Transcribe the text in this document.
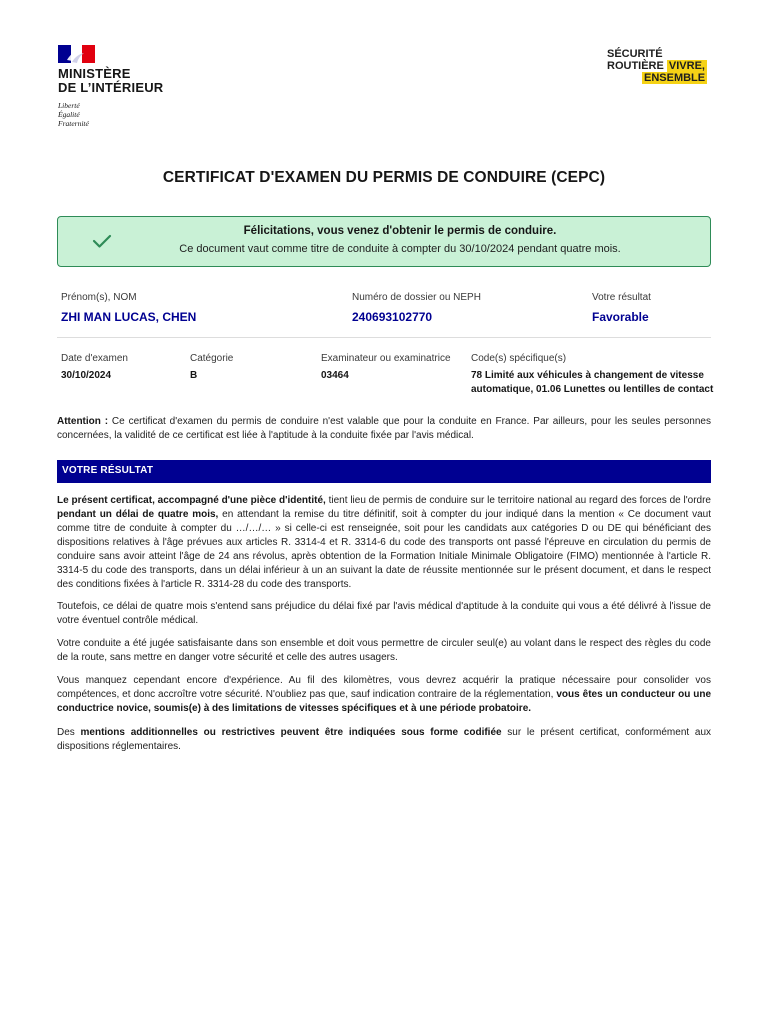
MINISTÈRE
DE L’INTÉRIEUR
Liberté
Égalité
Fraternité
SÉCURITÉ
ROUTIÈRE VIVRE,
ENSEMBLE
CERTIFICAT D'EXAMEN DU PERMIS DE CONDUIRE (CEPC)
Félicitations, vous venez d'obtenir le permis de conduire.
Ce document vaut comme titre de conduite à compter du 30/10/2024 pendant quatre mois.
Prénom(s), NOM
ZHI MAN LUCAS, CHEN
Numéro de dossier ou NEPH
240693102770
Votre résultat
Favorable
Date d'examen
30/10/2024
Catégorie
B
Examinateur ou examinatrice
03464
Code(s) spécifique(s)
78 Limité aux véhicules à changement de vitesse
automatique, 01.06 Lunettes ou lentilles de contact
Attention : Ce certificat d'examen du permis de conduire n'est valable que pour la conduite en France. Par ailleurs, pour les seules personnes concernées, la validité de ce certificat est liée à l'aptitude à la conduite fixée par l'avis médical.
VOTRE RÉSULTAT
Le présent certificat, accompagné d'une pièce d'identité, tient lieu de permis de conduire sur le territoire national au regard des forces de l'ordre pendant un délai de quatre mois, en attendant la remise du titre définitif, soit à compter du jour indiqué dans la mention « Ce document vaut comme titre de conduite à compter du …/…/… » si celle-ci est renseignée, soit pour les candidats aux catégories D ou DE qui bénéficiant des dispositions relatives à l'âge prévues aux articles R. 3314-4 et R. 3314-6 du code des transports ont passé l'épreuve en circulation du permis de conduire sans avoir atteint l'âge de 24 ans révolus, après obtention de la Formation Initiale Minimale Obligatoire (FIMO) mentionnée à l'article R. 3314-5 du code des transports, dans un délai inférieur à un an suivant la date de réussite mentionnée sur le présent document, et dans le respect des conditions fixées à l'article R. 3314-28 du code des transports.
Toutefois, ce délai de quatre mois s'entend sans préjudice du délai fixé par l'avis médical d'aptitude à la conduite qui vous a été délivré à l'issue de votre éventuel contrôle médical.
Votre conduite a été jugée satisfaisante dans son ensemble et doit vous permettre de circuler seul(e) au volant dans le respect des règles du code de la route, sans mettre en danger votre sécurité et celle des autres usagers.
Vous manquez cependant encore d'expérience. Au fil des kilomètres, vous devrez acquérir la pratique nécessaire pour consolider vos compétences, et donc accroître votre sécurité. N'oubliez pas que, sauf indication contraire de la réglementation, vous êtes un conducteur ou une conductrice novice, soumis(e) à des limitations de vitesses spécifiques et à une période probatoire.
Des mentions additionnelles ou restrictives peuvent être indiquées sous forme codifiée sur le présent certificat, conformément aux dispositions réglementaires.
